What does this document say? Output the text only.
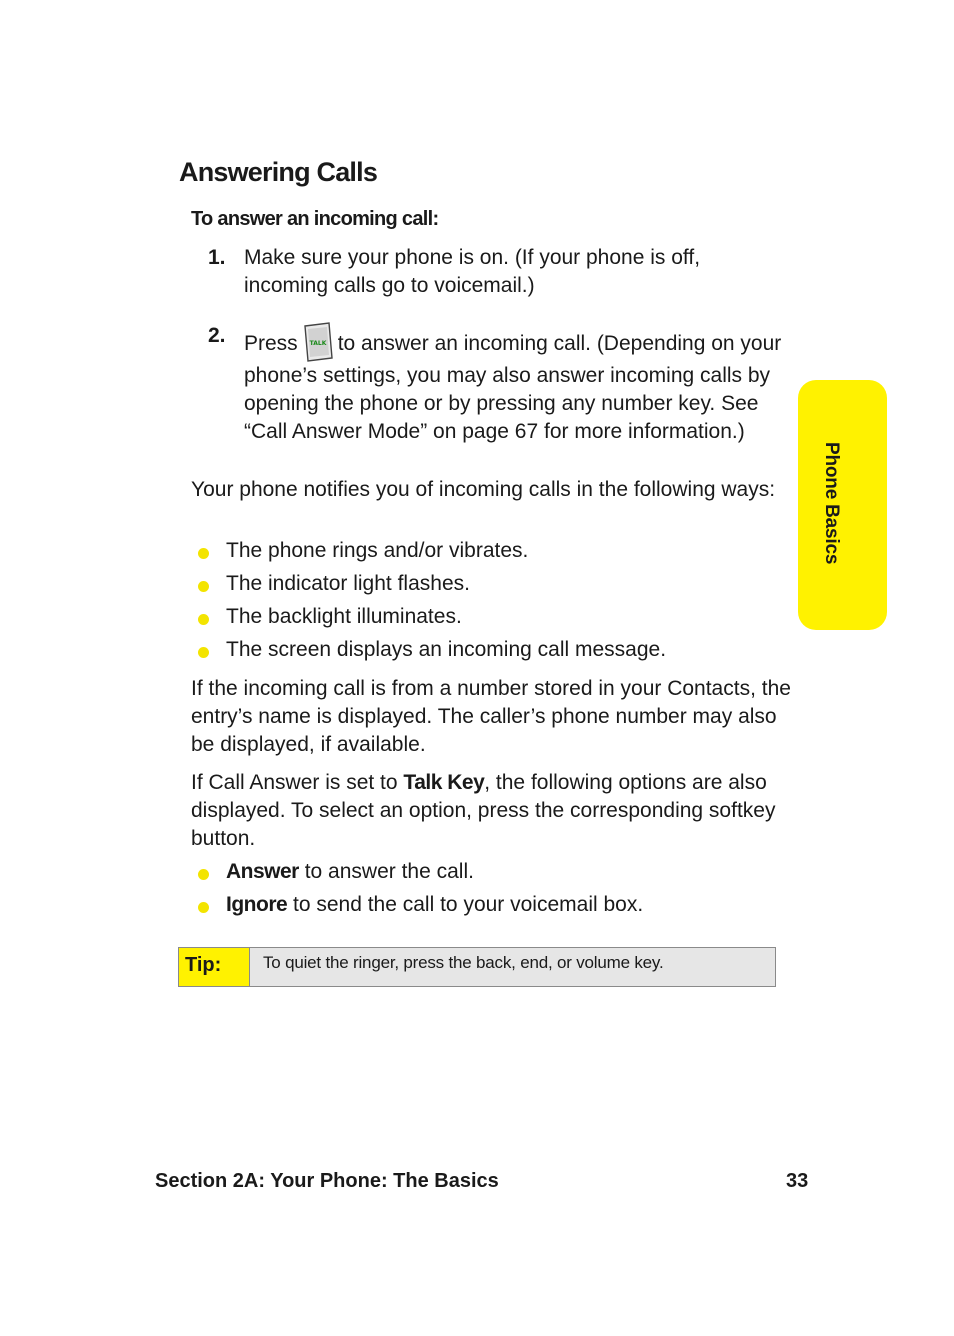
Answering Calls
To answer an incoming call:
1. Make sure your phone is on. (If your phone is off, incoming calls go to voicemail.)
2. Press TALK to answer an incoming call. (Depending on your phone’s settings, you may also answer incoming calls by opening the phone or by pressing any number key. See “Call Answer Mode” on page 67 for more information.)

Your phone notifies you of incoming calls in the following ways:

The phone rings and/or vibrates.
The indicator light flashes.
The backlight illuminates.
The screen displays an incoming call message.

If the incoming call is from a number stored in your Contacts, the entry’s name is displayed. The caller’s phone number may also be displayed, if available.

If Call Answer is set to Talk Key, the following options are also displayed. To select an option, press the corresponding softkey button.

Answer to answer the call.
Ignore to send the call to your voicemail box.
Tip:	To quiet the ringer, press the back, end, or volume key.
Phone Basics
Section 2A: Your Phone: The Basics	33
